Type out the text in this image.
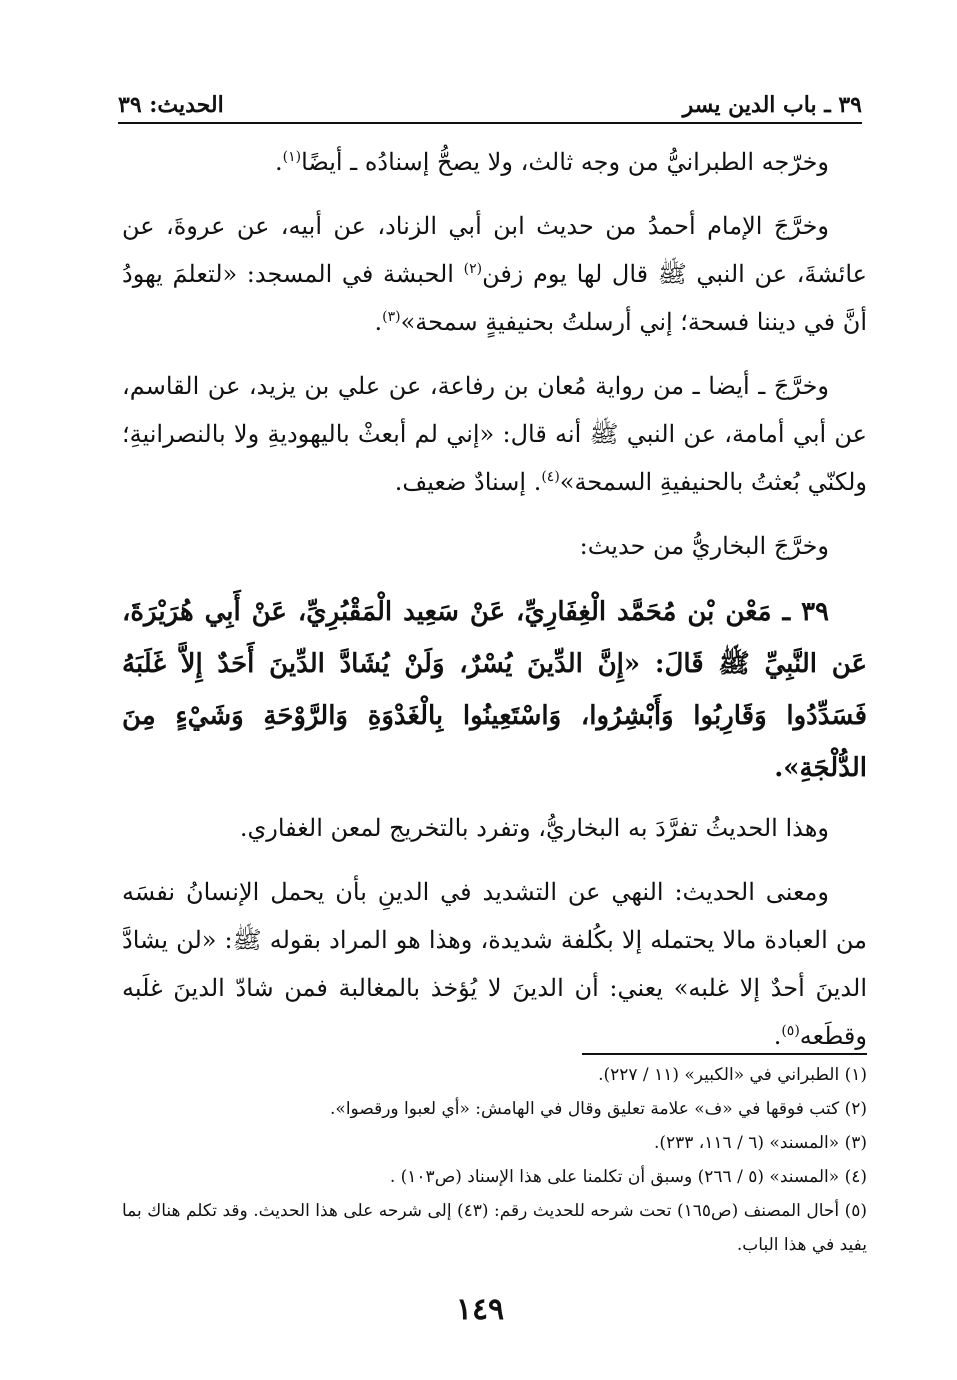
٣٩ ـ باب الدين يسر
الحديث: ٣٩

وخرّجه الطبرانيُّ من وجه ثالث، ولا يصحُّ إسنادُه ـ أيضًا$^{(١)}$.

وخرَّجَ الإمام أحمدُ من حديث ابن أبي الزناد، عن أبيه، عن عروةَ، عن عائشةَ، عن النبي ﷺ قال لها يوم زفن$^{(٢)}$ الحبشة في المسجد: «لتعلمَ يهودُ أنَّ في ديننا فسحة؛ إني أرسلتُ بحنيفيةٍ سمحة»$^{(٣)}$.

وخرَّجَ ـ أيضا ـ من رواية مُعان بن رفاعة، عن علي بن يزيد، عن القاسم، عن أبي أمامة، عن النبي ﷺ أنه قال: «إني لم أبعثْ باليهوديةِ ولا بالنصرانيةِ؛ ولكنّي بُعثتُ بالحنيفيةِ السمحة»$^{(٤)}$. إسنادٌ ضعيف.

وخرَّجَ البخاريُّ من حديث:

٣٩ ـ مَعْن بْن مُحَمَّد الْغِفَارِيِّ، عَنْ سَعِيد الْمَقْبُرِيِّ، عَنْ أَبِي هُرَيْرَةَ، عَن النَّبِيِّ ﷺ قَالَ: «إِنَّ الدِّينَ يُسْرٌ، وَلَنْ يُشَادَّ الدِّينَ أَحَدٌ إِلاَّ غَلَبَهُ فَسَدِّدُوا وَقَارِبُوا وَأَبْشِرُوا، وَاسْتَعِينُوا بِالْغَدْوَةِ وَالرَّوْحَةِ وَشَيْءٍ مِنَ الدُّلْجَةِ».

وهذا الحديثُ تفرَّدَ به البخاريُّ، وتفرد بالتخريج لمعن الغفاري.

ومعنى الحديث: النهي عن التشديد في الدينِ بأن يحمل الإنسانُ نفسَه من العبادة مالا يحتمله إلا بكُلفة شديدة، وهذا هو المراد بقوله ﷺ: «لن يشادَّ الدينَ أحدٌ إلا غلبه» يعني: أن الدينَ لا يُؤخذ بالمغالبة فمن شادّ الدينَ غلَبه وقطَعه$^{(٥)}$.

(١) الطبراني في «الكبير» (١١ / ٢٢٧).

(٢) كتب فوقها في «ف» علامة تعليق وقال في الهامش: «أي لعبوا ورقصوا».

(٣) «المسند» (٦ / ١١٦، ٢٣٣).

(٤) «المسند» (٥ / ٢٦٦) وسبق أن تكلمنا على هذا الإسناد (ص١٠٣) .

(٥) أحال المصنف (ص١٦٥) تحت شرحه للحديث رقم: (٤٣) إلى شرحه على هذا الحديث. وقد تكلم هناك بما يفيد في هذا الباب.

١٤٩
